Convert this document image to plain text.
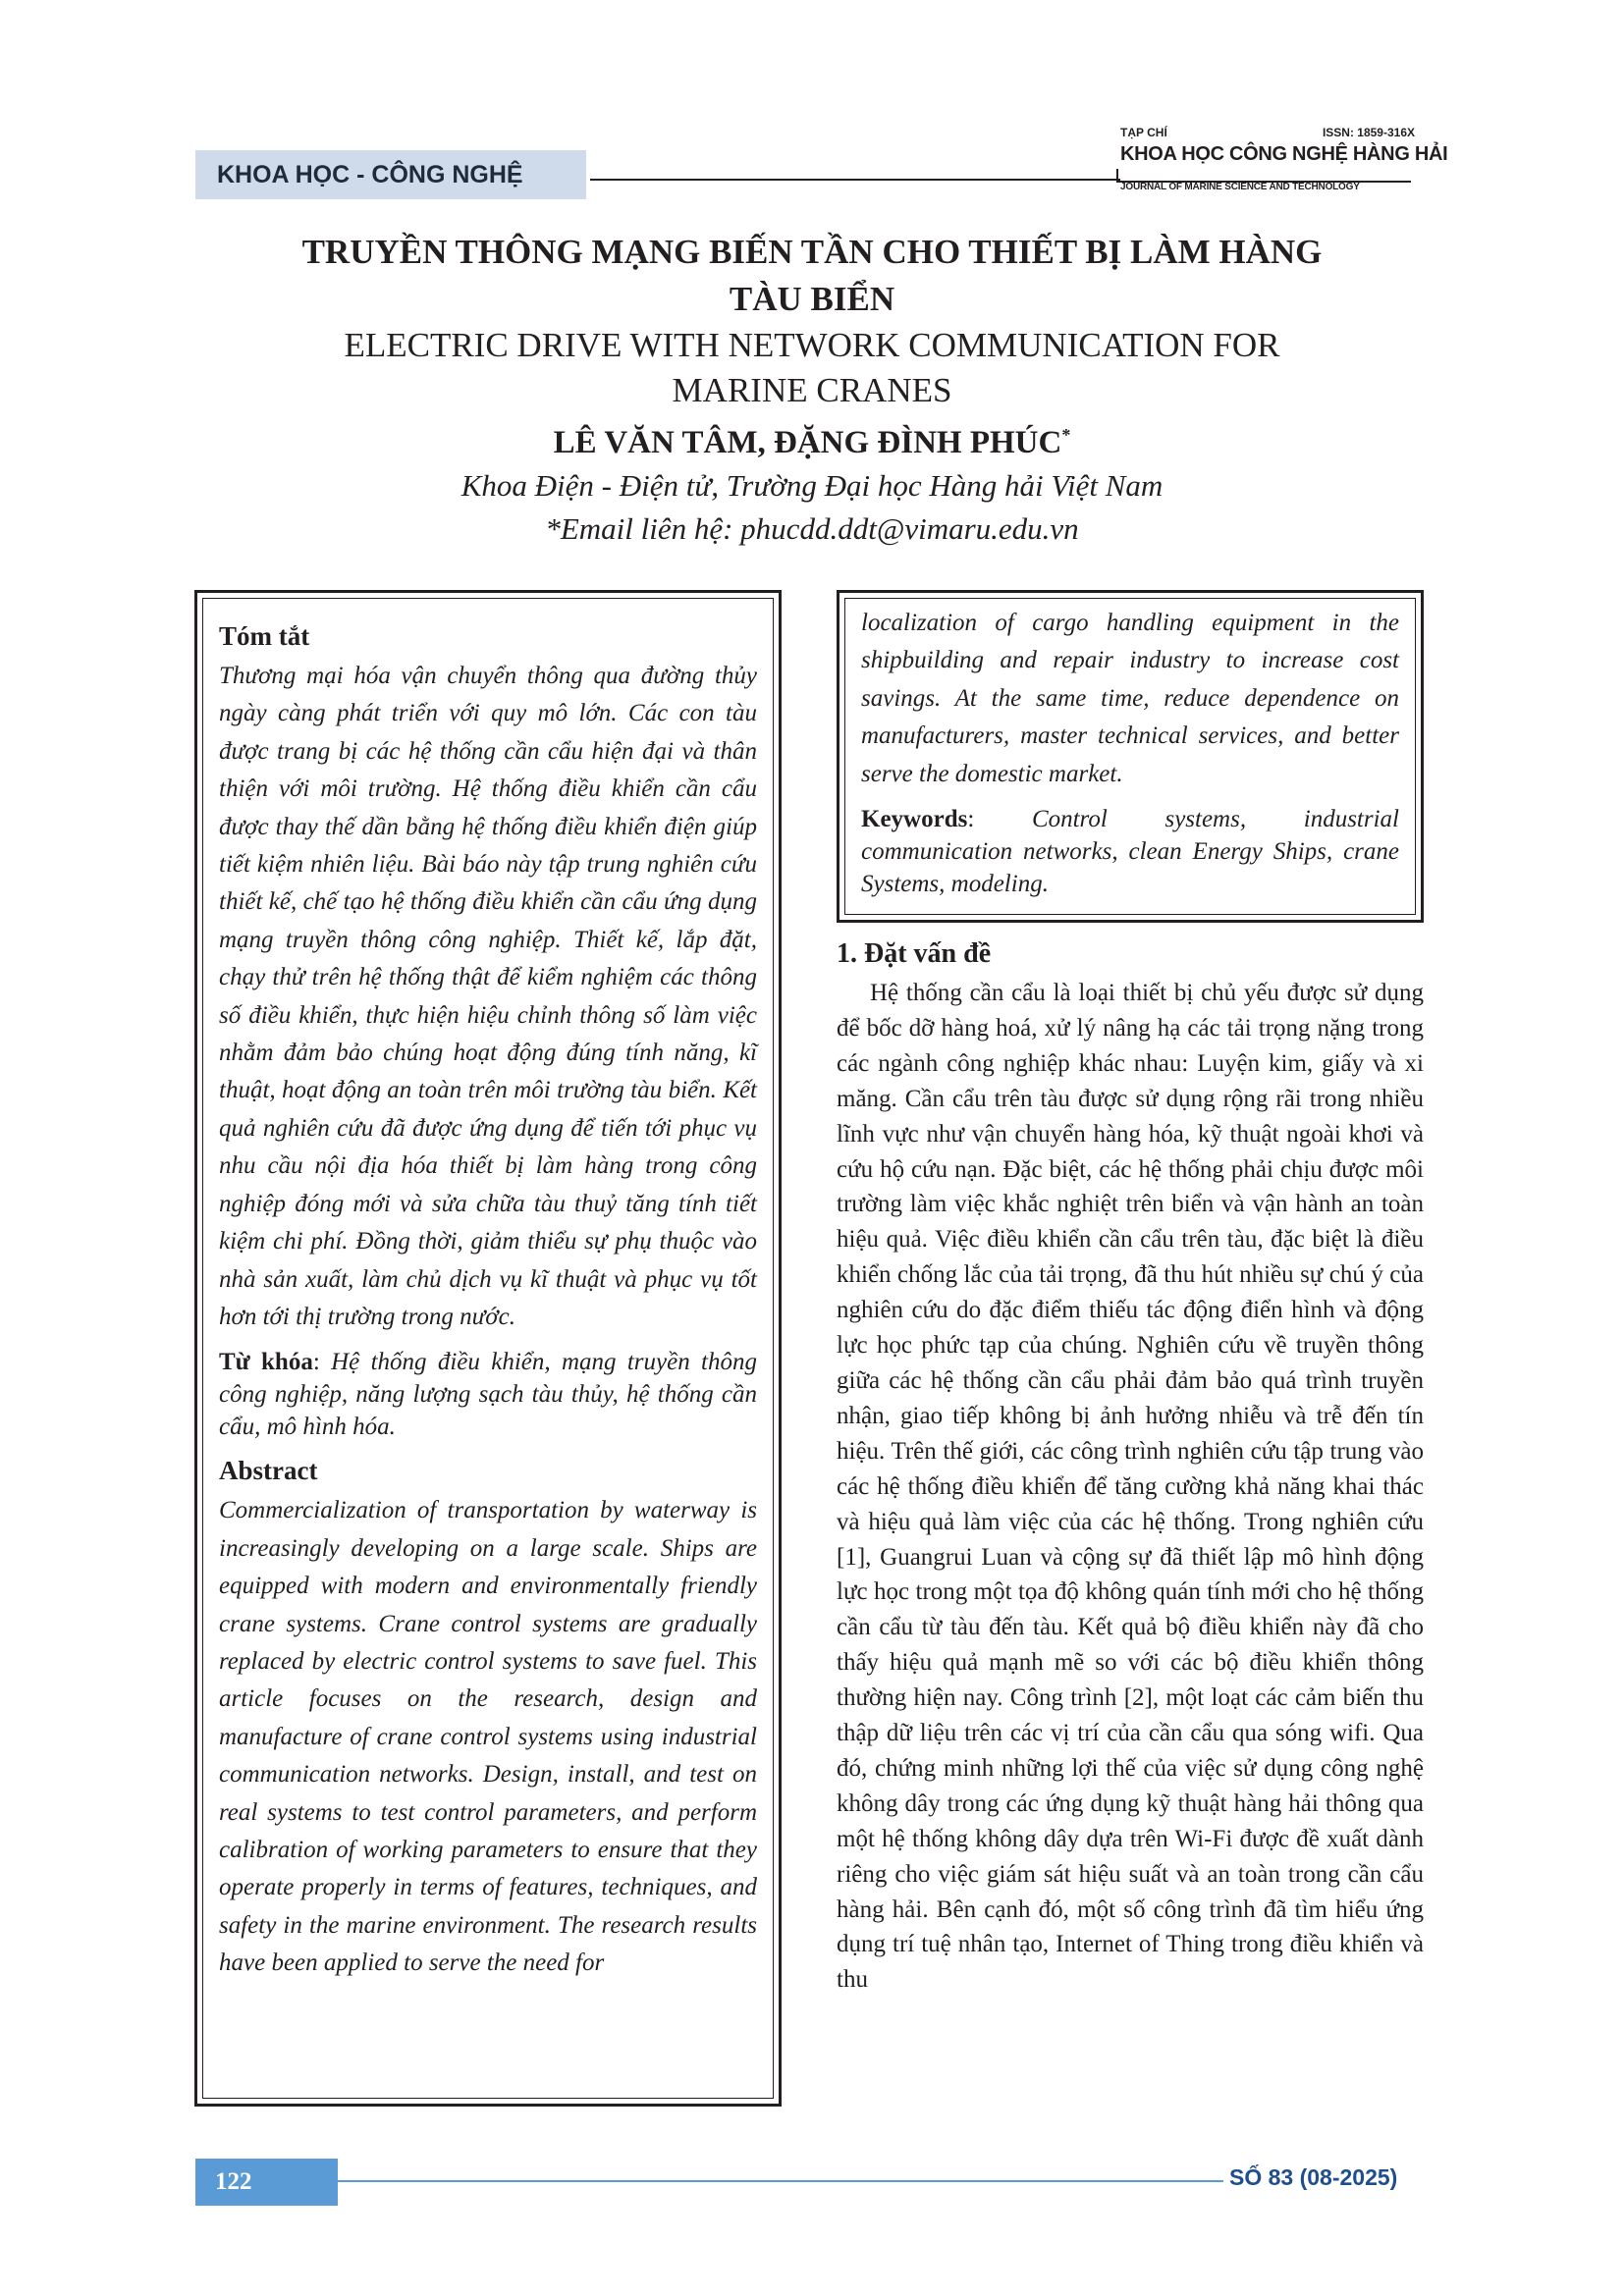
KHOA HỌC - CÔNG NGHỆ
TẠP CHÍ	ISSN: 1859-316X
KHOA HỌC CÔNG NGHỆ HÀNG HẢI
JOURNAL OF MARINE SCIENCE AND TECHNOLOGY

TRUYỀN THÔNG MẠNG BIẾN TẦN CHO THIẾT BỊ LÀM HÀNG

TÀU BIỂN

ELECTRIC DRIVE WITH NETWORK COMMUNICATION FOR

MARINE CRANES

LÊ VĂN TÂM, ĐẶNG ĐÌNH PHÚC*

Khoa Điện - Điện tử, Trường Đại học Hàng hải Việt Nam

*Email liên hệ: phucdd.ddt@vimaru.edu.vn

Tóm tắt

Thương mại hóa vận chuyển thông qua đường thủy ngày càng phát triển với quy mô lớn. Các con tàu được trang bị các hệ thống cần cẩu hiện đại và thân thiện với môi trường. Hệ thống điều khiển cần cẩu được thay thế dần bằng hệ thống điều khiển điện giúp tiết kiệm nhiên liệu. Bài báo này tập trung nghiên cứu thiết kế, chế tạo hệ thống điều khiển cần cẩu ứng dụng mạng truyền thông công nghiệp. Thiết kế, lắp đặt, chạy thử trên hệ thống thật để kiểm nghiệm các thông số điều khiển, thực hiện hiệu chỉnh thông số làm việc nhằm đảm bảo chúng hoạt động đúng tính năng, kĩ thuật, hoạt động an toàn trên môi trường tàu biển. Kết quả nghiên cứu đã được ứng dụng để tiến tới phục vụ nhu cầu nội địa hóa thiết bị làm hàng trong công nghiệp đóng mới và sửa chữa tàu thuỷ tăng tính tiết kiệm chi phí. Đồng thời, giảm thiểu sự phụ thuộc vào nhà sản xuất, làm chủ dịch vụ kĩ thuật và phục vụ tốt hơn tới thị trường trong nước.

Từ khóa: Hệ thống điều khiển, mạng truyền thông công nghiệp, năng lượng sạch tàu thủy, hệ thống cần cẩu, mô hình hóa.

Abstract

Commercialization of transportation by waterway is increasingly developing on a large scale. Ships are equipped with modern and environmentally friendly crane systems. Crane control systems are gradually replaced by electric control systems to save fuel. This article focuses on the research, design and manufacture of crane control systems using industrial communication networks. Design, install, and test on real systems to test control parameters, and perform calibration of working parameters to ensure that they operate properly in terms of features, techniques, and safety in the marine environment. The research results have been applied to serve the need for

localization of cargo handling equipment in the shipbuilding and repair industry to increase cost savings. At the same time, reduce dependence on manufacturers, master technical services, and better serve the domestic market.

Keywords: Control systems, industrial communication networks, clean Energy Ships, crane Systems, modeling.

1. Đặt vấn đề

Hệ thống cần cẩu là loại thiết bị chủ yếu được sử dụng để bốc dỡ hàng hoá, xử lý nâng hạ các tải trọng nặng trong các ngành công nghiệp khác nhau: Luyện kim, giấy và xi măng. Cần cẩu trên tàu được sử dụng rộng rãi trong nhiều lĩnh vực như vận chuyển hàng hóa, kỹ thuật ngoài khơi và cứu hộ cứu nạn. Đặc biệt, các hệ thống phải chịu được môi trường làm việc khắc nghiệt trên biển và vận hành an toàn hiệu quả. Việc điều khiển cần cẩu trên tàu, đặc biệt là điều khiển chống lắc của tải trọng, đã thu hút nhiều sự chú ý của nghiên cứu do đặc điểm thiếu tác động điển hình và động lực học phức tạp của chúng. Nghiên cứu về truyền thông giữa các hệ thống cần cẩu phải đảm bảo quá trình truyền nhận, giao tiếp không bị ảnh hưởng nhiễu và trễ đến tín hiệu. Trên thế giới, các công trình nghiên cứu tập trung vào các hệ thống điều khiển để tăng cường khả năng khai thác và hiệu quả làm việc của các hệ thống. Trong nghiên cứu [1], Guangrui Luan và cộng sự đã thiết lập mô hình động lực học trong một tọa độ không quán tính mới cho hệ thống cần cẩu từ tàu đến tàu. Kết quả bộ điều khiển này đã cho thấy hiệu quả mạnh mẽ so với các bộ điều khiển thông thường hiện nay. Công trình [2], một loạt các cảm biến thu thập dữ liệu trên các vị trí của cần cẩu qua sóng wifi. Qua đó, chứng minh những lợi thế của việc sử dụng công nghệ không dây trong các ứng dụng kỹ thuật hàng hải thông qua một hệ thống không dây dựa trên Wi-Fi được đề xuất dành riêng cho việc giám sát hiệu suất và an toàn trong cần cẩu hàng hải. Bên cạnh đó, một số công trình đã tìm hiểu ứng dụng trí tuệ nhân tạo, Internet of Thing trong điều khiển và thu

122	SỐ 83 (08-2025)
